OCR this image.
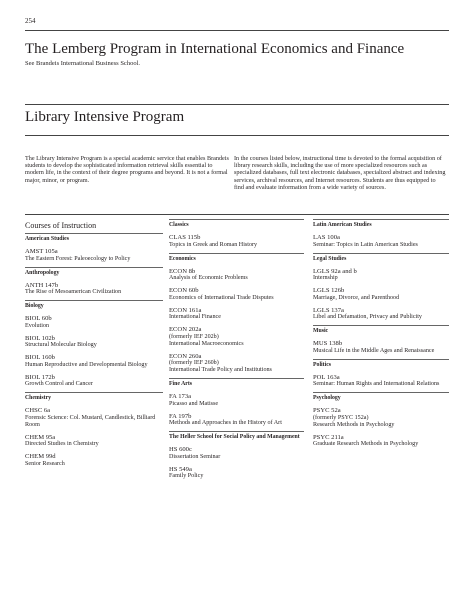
254
The Lemberg Program in International Economics and Finance
See Brandeis International Business School.
Library Intensive Program
The Library Intensive Program is a special academic service that enables Brandeis students to develop the sophisticated information retrieval skills essential to modern life, in the context of their degree programs and beyond. It is not a formal major, minor, or program.
In the courses listed below, instructional time is devoted to the formal acquisition of library research skills, including the use of more specialized resources such as specialized databases, full text electronic databases, specialized abstract and indexing services, archival resources, and Internet resources. Students are thus equipped to find and evaluate information from a wide variety of sources.
Courses of Instruction
American Studies
AMST 105a
The Eastern Forest: Paleoecology to Policy
Anthropology
ANTH 147b
The Rise of Mesoamerican Civilization
Biology
BIOL 60b
Evolution
BIOL 102b
Structural Molecular Biology
BIOL 160b
Human Reproductive and Developmental Biology
BIOL 172b
Growth Control and Cancer
Chemistry
CHSC 6a
Forensic Science: Col. Mustard, Candlestick, Billiard Room
CHEM 95a
Directed Studies in Chemistry
CHEM 99d
Senior Research
Classics
CLAS 115b
Topics in Greek and Roman History
Economics
ECON 8b
Analysis of Economic Problems
ECON 60b
Economics of International Trade Disputes
ECON 161a
International Finance
ECON 202a
(formerly IEF 202b)
International Macroeconomics
ECON 260a
(formerly IEF 260b)
International Trade Policy and Institutions
Fine Arts
FA 173a
Picasso and Matisse
FA 197b
Methods and Approaches in the History of Art
The Heller School for Social Policy and Management
HS 600c
Dissertation Seminar
HS 549a
Family Policy
Latin American Studies
LAS 100a
Seminar: Topics in Latin American Studies
Legal Studies
LGLS 92a and b
Internship
LGLS 126b
Marriage, Divorce, and Parenthood
LGLS 137a
Libel and Defamation, Privacy and Publicity
Music
MUS 138b
Musical Life in the Middle Ages and Renaissance
Politics
POL 163a
Seminar: Human Rights and International Relations
Psychology
PSYC 52a
(formerly PSYC 152a)
Research Methods in Psychology
PSYC 211a
Graduate Research Methods in Psychology
